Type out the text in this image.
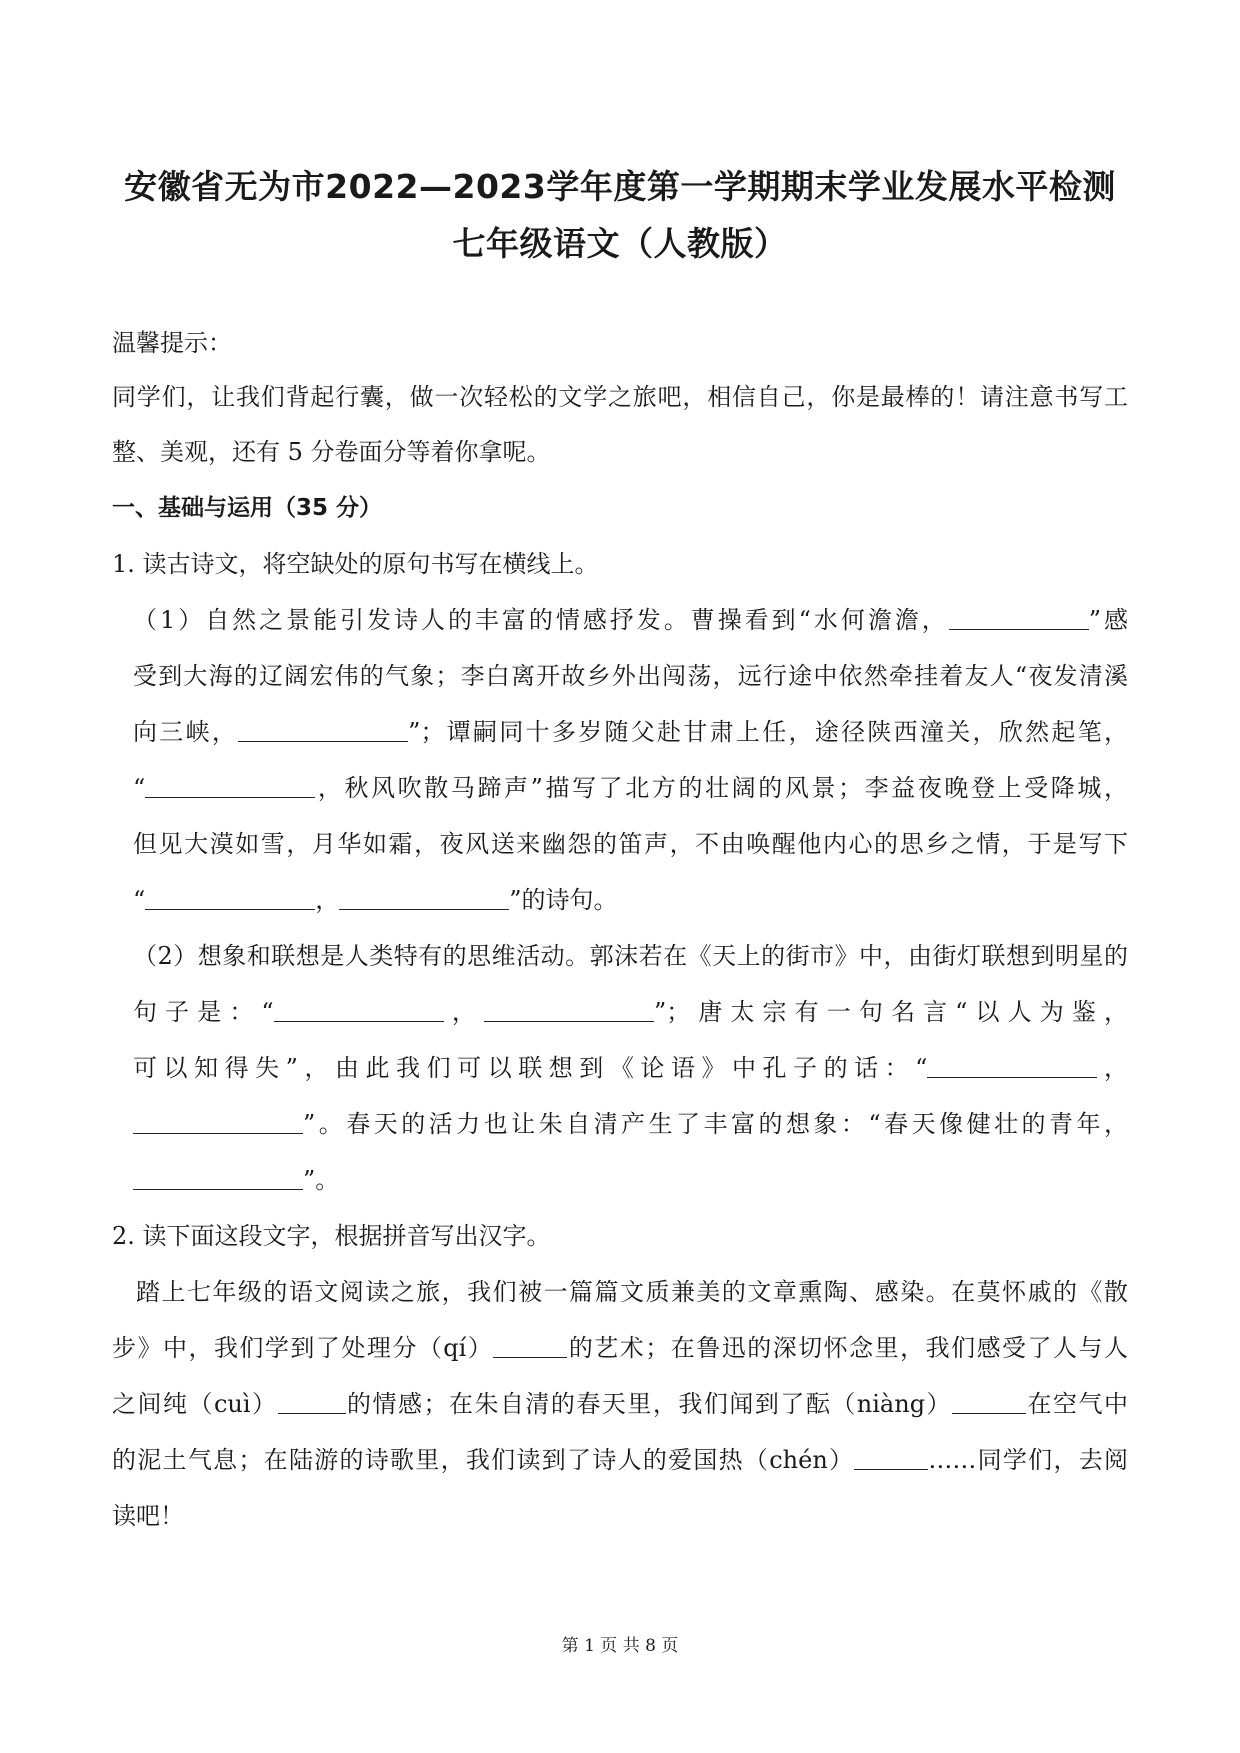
安徽省无为市2022—2023学年度第一学期期末学业发展水平检测
七年级语文（人教版）
温馨提示：
同学们，让我们背起行囊，做一次轻松的文学之旅吧，相信自己，你是最棒的！请注意书写工
整、美观，还有 5 分卷面分等着你拿呢。
一、基础与运用（35 分）
1. 读古诗文，将空缺处的原句书写在横线上。
（1）自然之景能引发诗人的丰富的情感抒发。曹操看到“水何澹澹，	”感
受到大海的辽阔宏伟的气象；李白离开故乡外出闯荡，远行途中依然牵挂着友人“夜发清溪
向三峡，	”；谭嗣同十多岁随父赴甘肃上任，途径陕西潼关，欣然起笔，
“	，秋风吹散马蹄声”描写了北方的壮阔的风景；李益夜晚登上受降城，
但见大漠如雪，月华如霜，夜风送来幽怨的笛声，不由唤醒他内心的思乡之情，于是写下
“	，	”的诗句。
（2）想象和联想是人类特有的思维活动。郭沫若在《天上的街市》中，由街灯联想到明星的
句子是：“	，	”；唐太宗有一句名言“以人为鉴，
可以知得失”，由此我们可以联想到《论语》中孔子的话：“	，
”。春天的活力也让朱自清产生了丰富的想象：“春天像健壮的青年，
”。
2. 读下面这段文字，根据拼音写出汉字。
踏上七年级的语文阅读之旅，我们被一篇篇文质兼美的文章熏陶、感染。在莫怀戚的《散
步》中，我们学到了处理分（qí）	的艺术；在鲁迅的深切怀念里，我们感受了人与人
之间纯（cuì）	的情感；在朱自清的春天里，我们闻到了酝（niàng）	在空气中
的泥土气息；在陆游的诗歌里，我们读到了诗人的爱国热（chén）	……同学们，去阅
读吧！
第 1 页 共 8 页
